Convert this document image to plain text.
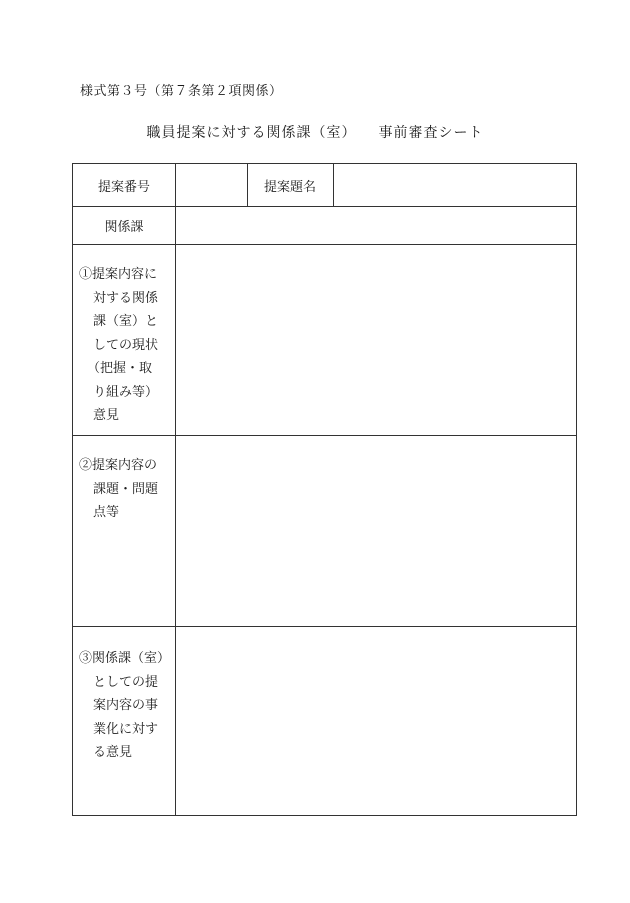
様式第３号（第７条第２項関係）
職員提案に対する関係課（室） 事前審査シート
提案番号	提案題名
関係課
①提案内容に
対する関係
課（室）と
しての現状
（把握・取
り組み等）
意見
②提案内容の
課題・問題
点等
③関係課（室）
としての提
案内容の事
業化に対す
る意見
